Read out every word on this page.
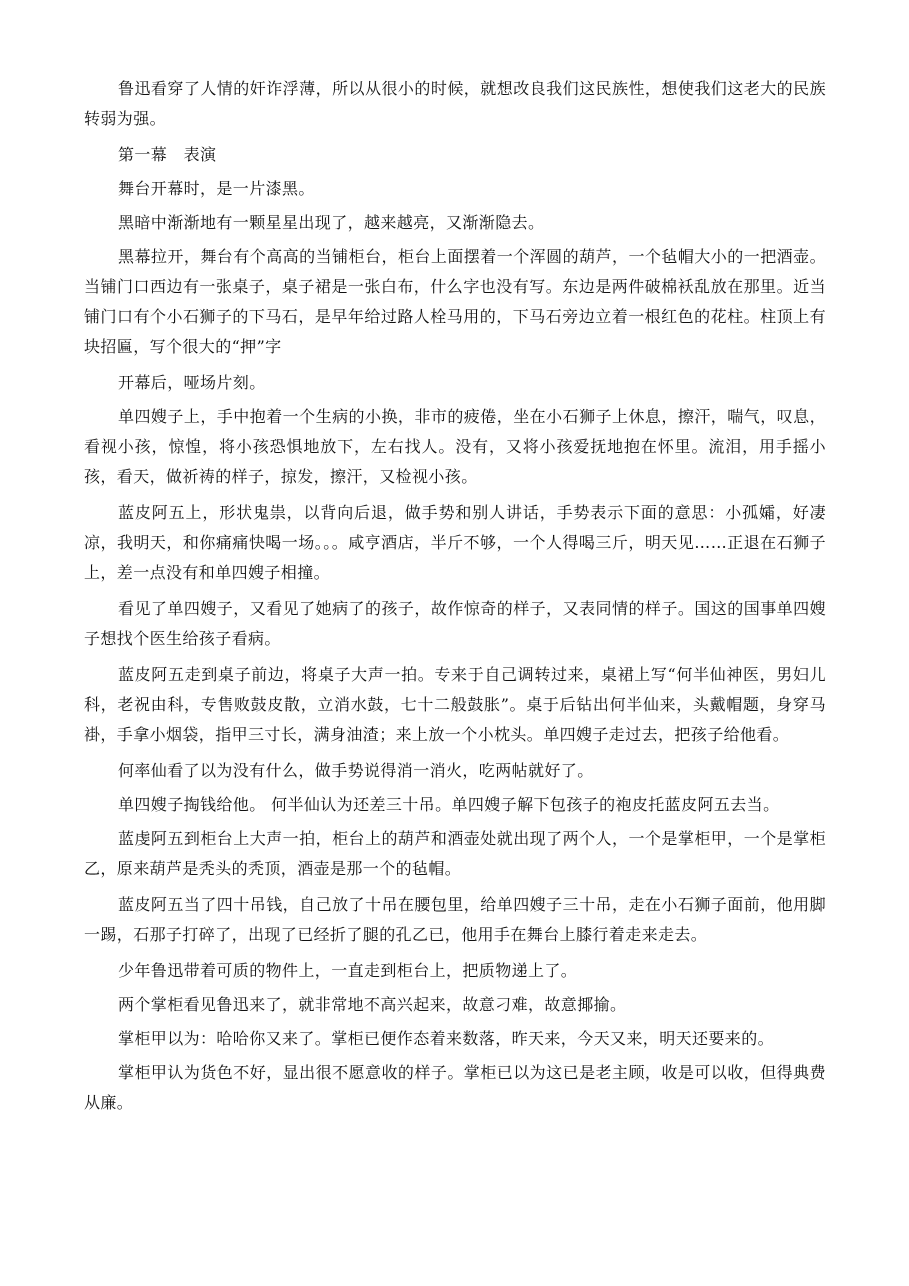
鲁迅看穿了人情的奸诈浮薄，所以从很小的时候，就想改良我们这民族性，想使我们这老大的民族转弱为强。

第一幕　表演

舞台开幕时，是一片漆黑。

黑暗中渐渐地有一颗星星出现了，越来越亮，又渐渐隐去。

黑幕拉开，舞台有个高高的当铺柜台，柜台上面摆着一个浑圆的葫芦，一个毡帽大小的一把酒壶。当铺门口西边有一张桌子，桌子裙是一张白布，什么字也没有写。东边是两件破棉袄乱放在那里。近当铺门口有个小石狮子的下马石，是早年给过路人栓马用的，下马石旁边立着一根红色的花柱。柱顶上有块招匾，写个很大的“押”字

开幕后，哑场片刻。

单四嫂子上，手中抱着一个生病的小换，非市的疲倦，坐在小石狮子上休息，擦汗，喘气，叹息，看视小孩，惊惶，将小孩恐惧地放下，左右找人。没有，又将小孩爱抚地抱在怀里。流泪，用手摇小孩，看天，做祈祷的样子，掠发，擦汗，又检视小孩。

蓝皮阿五上，形状鬼祟，以背向后退，做手势和别人讲话，手势表示下面的意思：小孤孀，好凄凉，我明天，和你痛痛快喝一场。。。咸亨酒店，半斤不够，一个人得喝三斤，明天见……正退在石狮子上，差一点没有和单四嫂子相撞。

看见了单四嫂子，又看见了她病了的孩子，故作惊奇的样子，又表同情的样子。国这的国事单四嫂子想找个医生给孩子看病。

蓝皮阿五走到桌子前边，将桌子大声一拍。专来于自己调转过来，桌裙上写“何半仙神医，男妇儿科，老祝由科，专售败鼓皮散，立消水鼓，七十二般鼓胀”。桌于后钻出何半仙来，头戴帽题，身穿马褂，手拿小烟袋，指甲三寸长，满身油渣；来上放一个小枕头。单四嫂子走过去，把孩子给他看。

何率仙看了以为没有什么，做手势说得消一消火，吃两帖就好了。

单四嫂子掏钱给他。 何半仙认为还差三十吊。单四嫂子解下包孩子的袍皮托蓝皮阿五去当。

蓝虔阿五到柜台上大声一拍，柜台上的葫芦和酒壶处就出现了两个人，一个是掌柜甲，一个是掌柜乙，原来葫芦是秃头的秃顶，酒壶是那一个的毡帽。

蓝皮阿五当了四十吊钱，自己放了十吊在腰包里，给单四嫂子三十吊，走在小石狮子面前，他用脚一踢，石那子打碎了，出现了已经折了腿的孔乙已，他用手在舞台上膝行着走来走去。

少年鲁迅带着可质的物件上，一直走到柜台上，把质物递上了。

两个掌柜看见鲁迅来了，就非常地不高兴起来，故意刁难，故意揶揄。

掌柜甲以为：哈哈你又来了。掌柜已便作态着来数落，昨天来，今天又来，明天还要来的。

掌柜甲认为货色不好，显出很不愿意收的样子。掌柜已以为这已是老主顾，收是可以收，但得典费从廉。
